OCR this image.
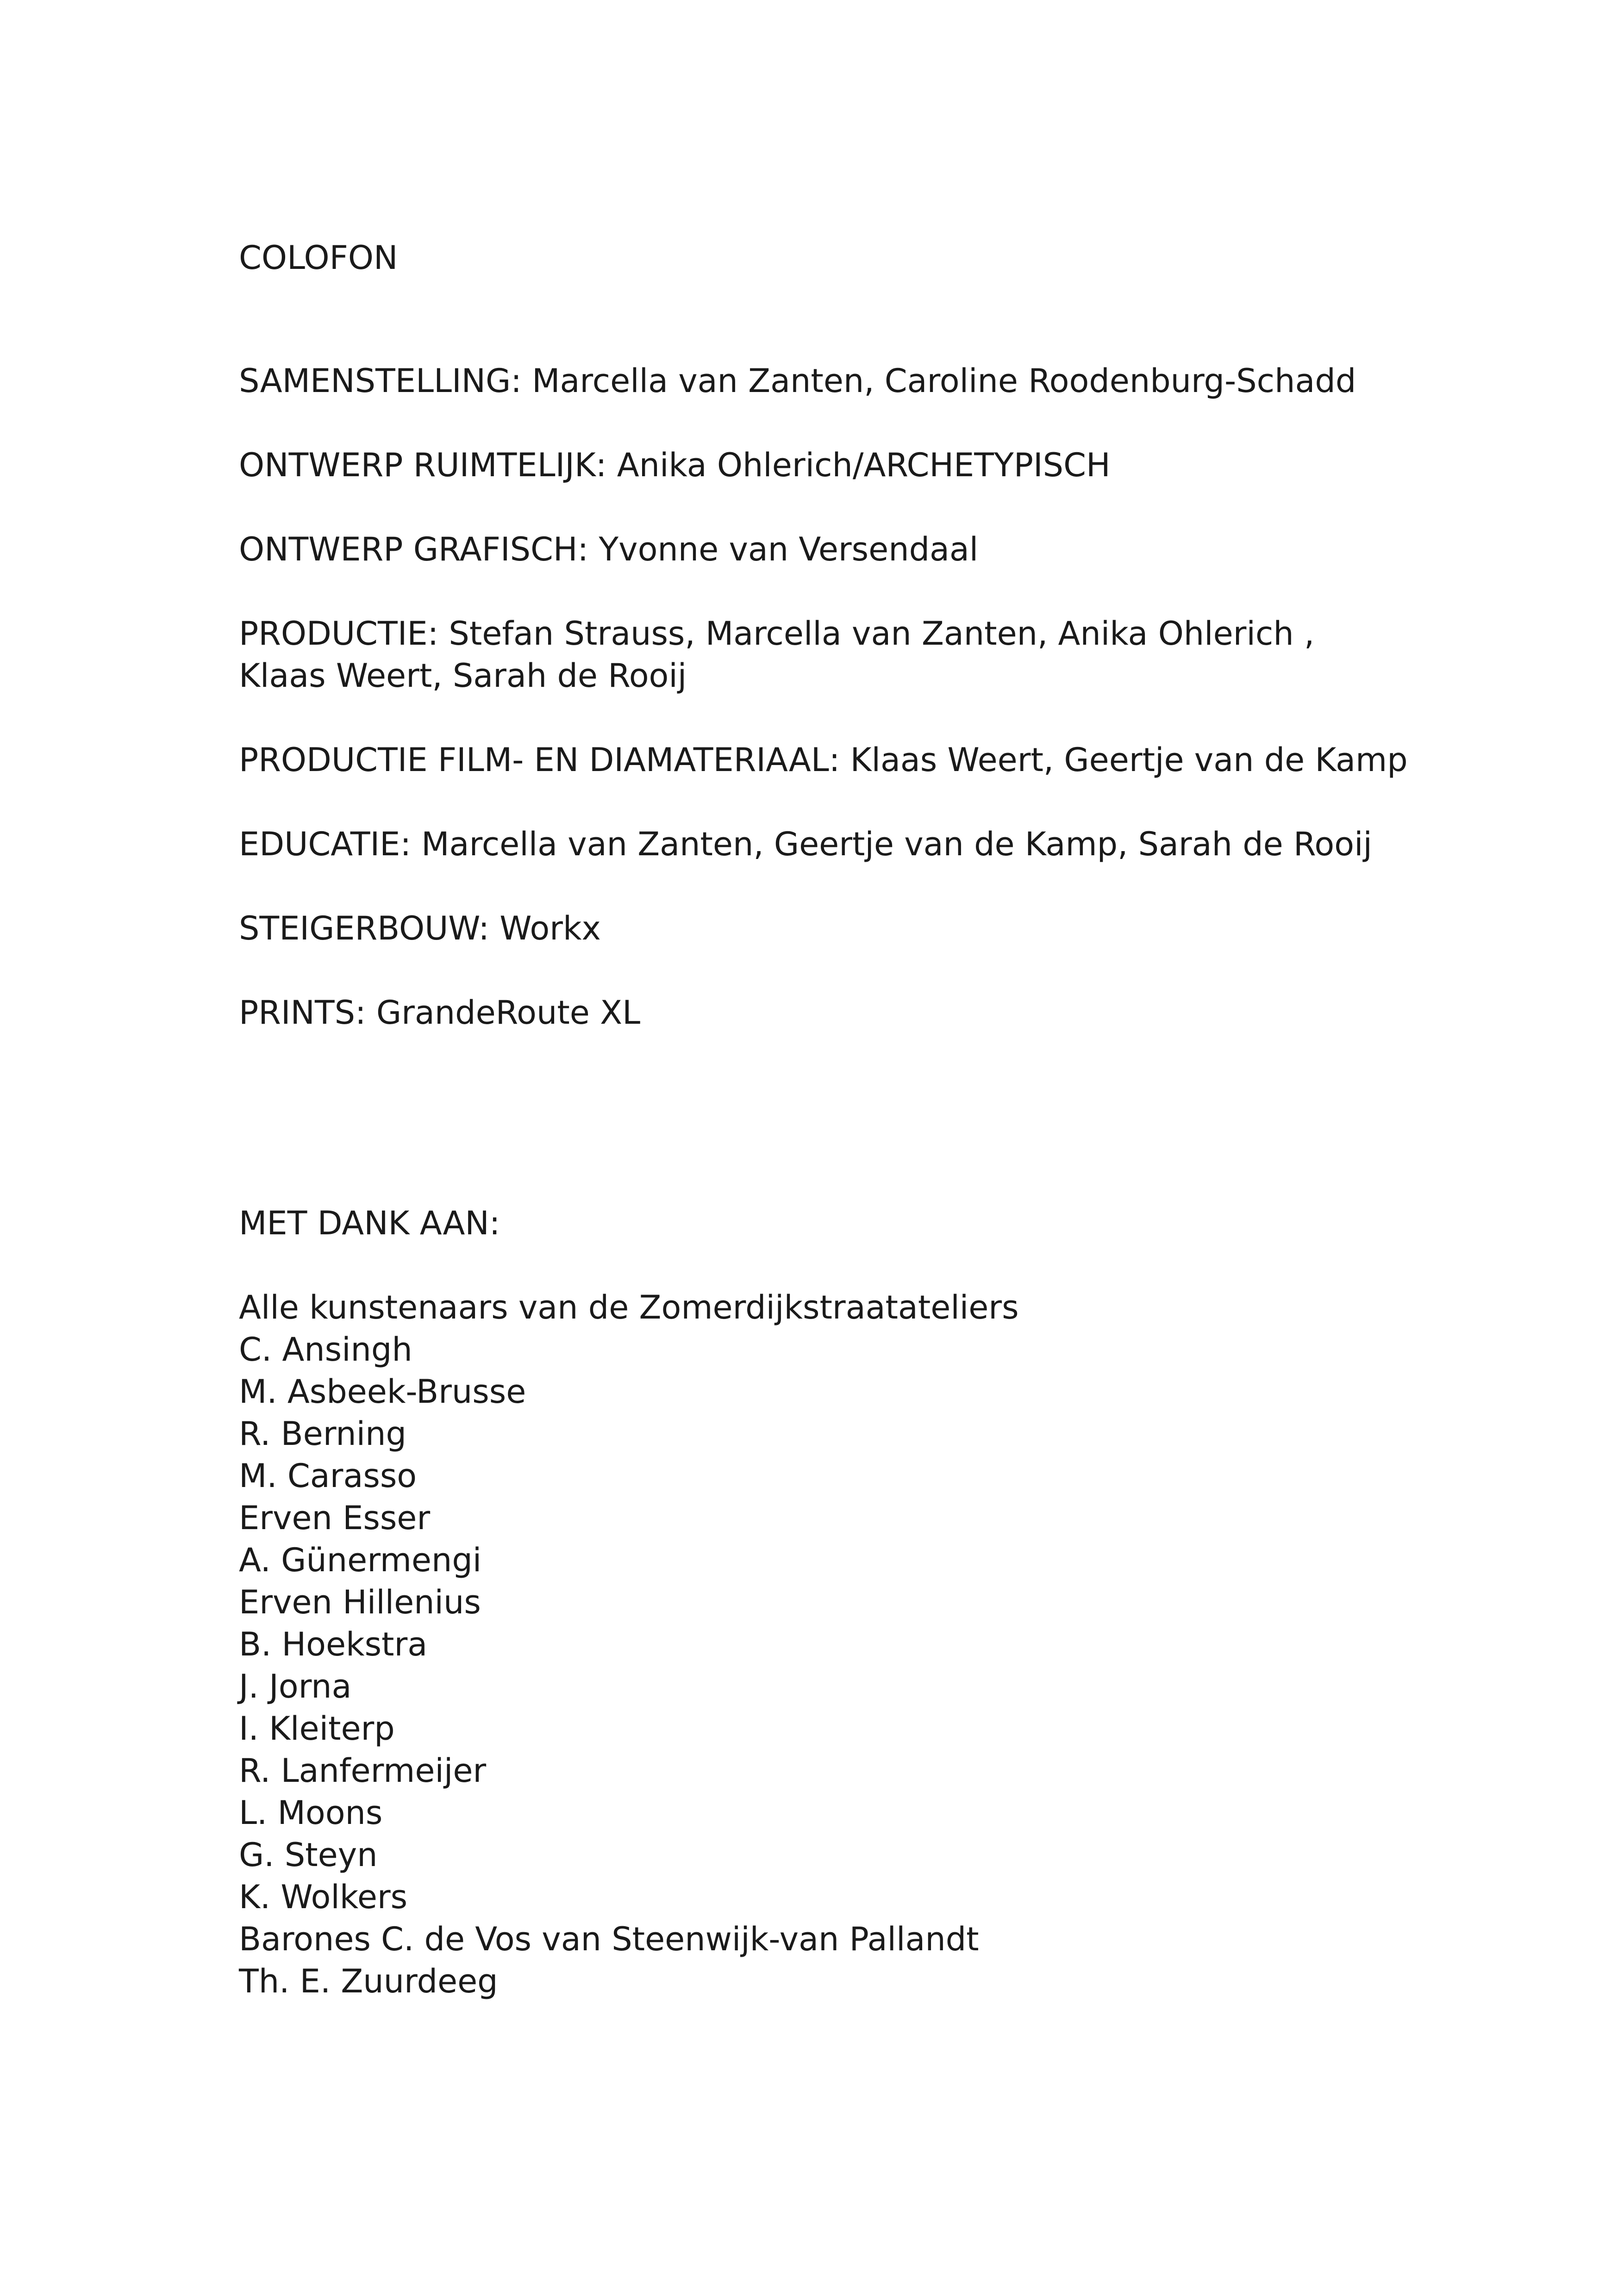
COLOFON
SAMENSTELLING: Marcella van Zanten, Caroline Roodenburg-Schadd
ONTWERP RUIMTELIJK: Anika Ohlerich/ARCHETYPISCH
ONTWERP GRAFISCH: Yvonne van Versendaal
PRODUCTIE: Stefan Strauss, Marcella van Zanten, Anika Ohlerich ,
Klaas Weert, Sarah de Rooij
PRODUCTIE FILM- EN DIAMATERIAAL: Klaas Weert, Geertje van de Kamp
EDUCATIE: Marcella van Zanten, Geertje van de Kamp, Sarah de Rooij
STEIGERBOUW: Workx
PRINTS: GrandeRoute XL
MET DANK AAN:
Alle kunstenaars van de Zomerdijkstraatateliers
C. Ansingh
M. Asbeek-Brusse
R. Berning
M. Carasso
Erven Esser
A. Günermengi
Erven Hillenius
B. Hoekstra
J. Jorna
I. Kleiterp
R. Lanfermeijer
L. Moons
G. Steyn
K. Wolkers
Barones C. de Vos van Steenwijk-van Pallandt
Th. E. Zuurdeeg
